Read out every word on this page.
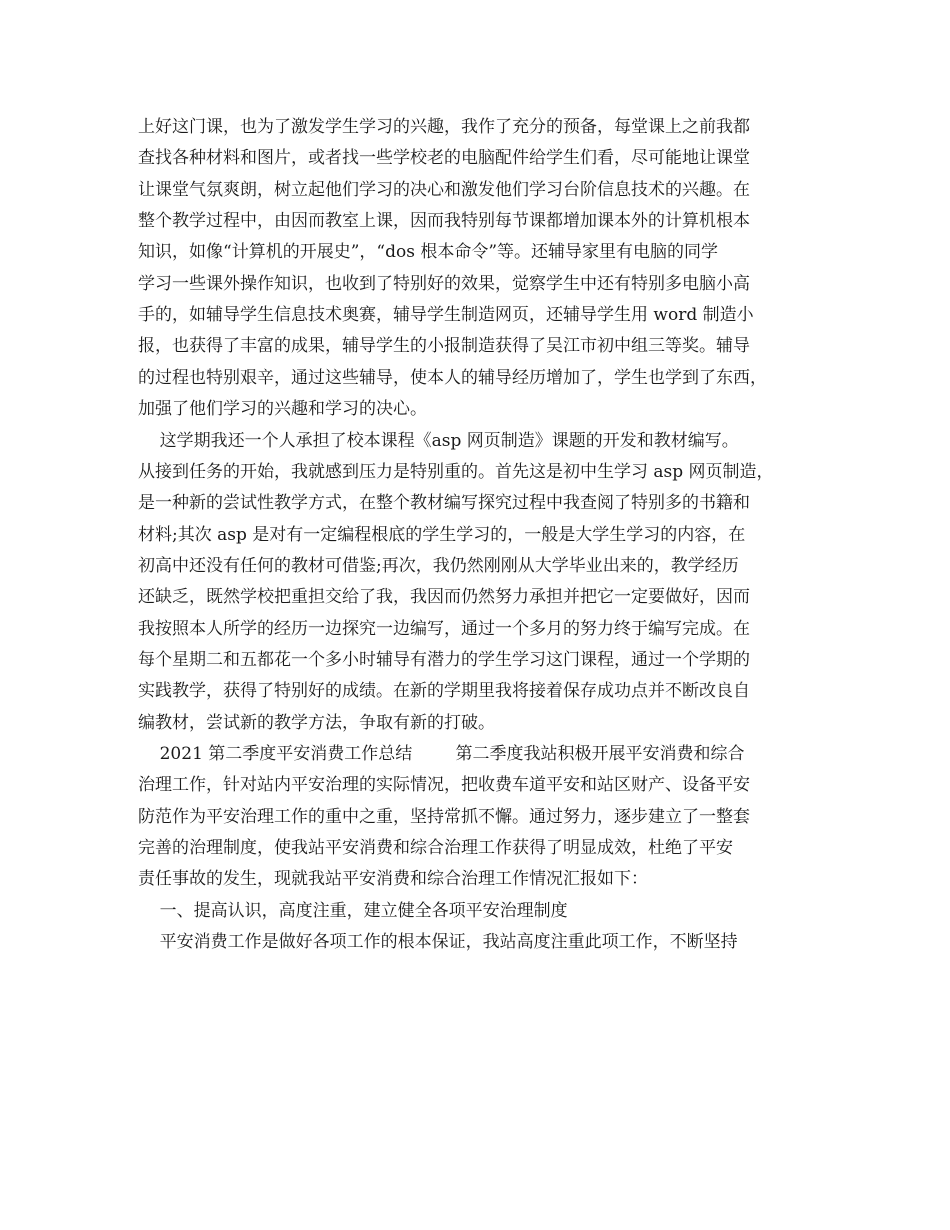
上好这门课，也为了激发学生学习的兴趣，我作了充分的预备，每堂课上之前我都
查找各种材料和图片，或者找一些学校老的电脑配件给学生们看，尽可能地让课堂
让课堂气氛爽朗，树立起他们学习的决心和激发他们学习台阶信息技术的兴趣。在
整个教学过程中，由因而教室上课，因而我特别每节课都增加课本外的计算机根本
知识，如像“计算机的开展史”，“dos 根本命令”等。还辅导家里有电脑的同学
学习一些课外操作知识，也收到了特别好的效果，觉察学生中还有特别多电脑小高
手的，如辅导学生信息技术奥赛，辅导学生制造网页，还辅导学生用 word 制造小
报，也获得了丰富的成果，辅导学生的小报制造获得了吴江市初中组三等奖。辅导
的过程也特别艰辛，通过这些辅导，使本人的辅导经历增加了，学生也学到了东西，
加强了他们学习的兴趣和学习的决心。
这学期我还一个人承担了校本课程《asp 网页制造》课题的开发和教材编写。
从接到任务的开始，我就感到压力是特别重的。首先这是初中生学习 asp 网页制造，
是一种新的尝试性教学方式，在整个教材编写探究过程中我查阅了特别多的书籍和
材料;其次 asp 是对有一定编程根底的学生学习的，一般是大学生学习的内容，在
初高中还没有任何的教材可借鉴;再次，我仍然刚刚从大学毕业出来的，教学经历
还缺乏，既然学校把重担交给了我，我因而仍然努力承担并把它一定要做好，因而
我按照本人所学的经历一边探究一边编写，通过一个多月的努力终于编写完成。在
每个星期二和五都花一个多小时辅导有潜力的学生学习这门课程，通过一个学期的
实践教学，获得了特别好的成绩。在新的学期里我将接着保存成功点并不断改良自
编教材，尝试新的教学方法，争取有新的打破。
2021 第二季度平安消费工作总结        第二季度我站积极开展平安消费和综合
治理工作，针对站内平安治理的实际情况，把收费车道平安和站区财产、设备平安
防范作为平安治理工作的重中之重，坚持常抓不懈。通过努力，逐步建立了一整套
完善的治理制度，使我站平安消费和综合治理工作获得了明显成效，杜绝了平安
责任事故的发生，现就我站平安消费和综合治理工作情况汇报如下：
一、提高认识，高度注重，建立健全各项平安治理制度
平安消费工作是做好各项工作的根本保证，我站高度注重此项工作，不断坚持
